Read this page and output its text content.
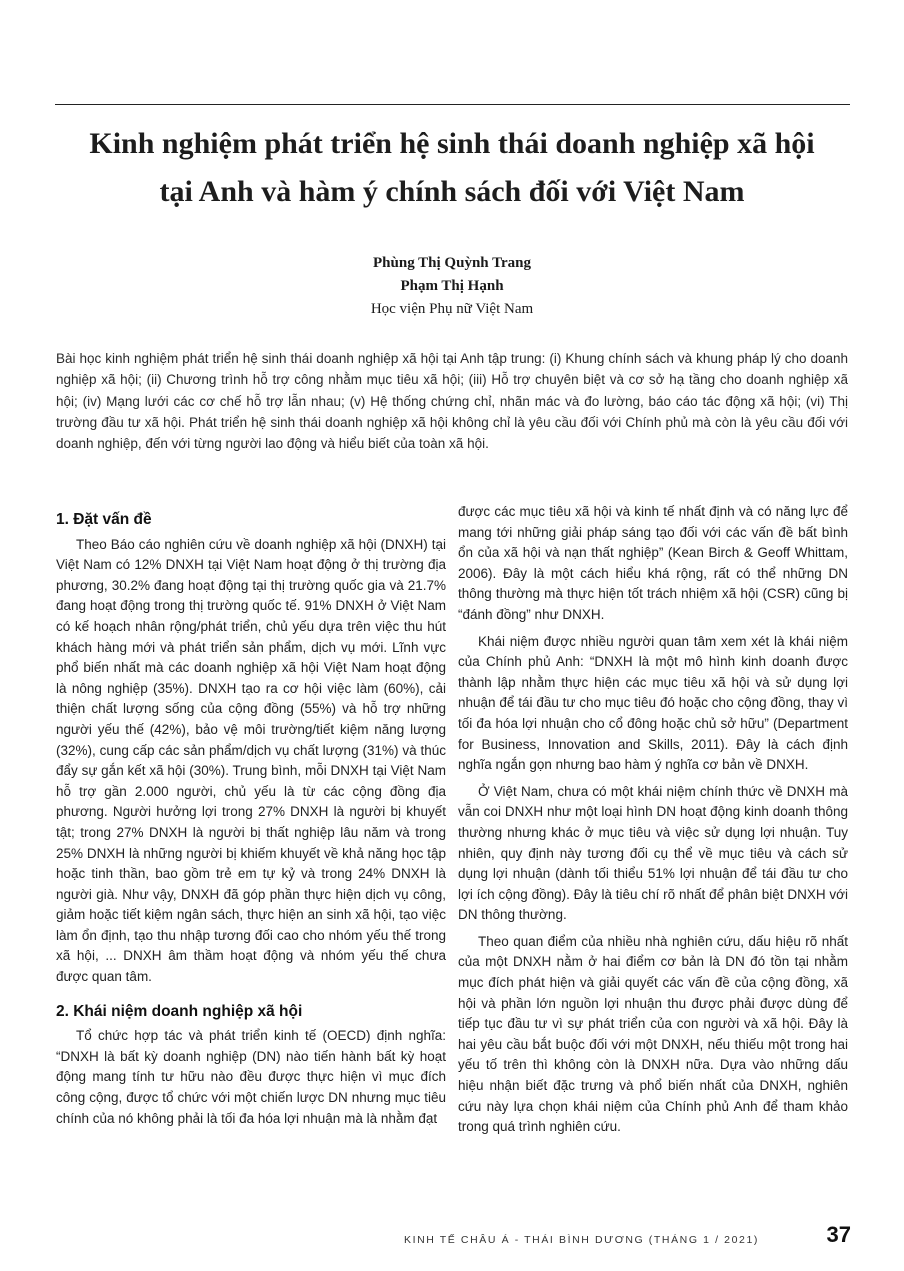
Kinh nghiệm phát triển hệ sinh thái doanh nghiệp xã hội
tại Anh và hàm ý chính sách đối với Việt Nam
Phùng Thị Quỳnh Trang
Phạm Thị Hạnh
Học viện Phụ nữ Việt Nam
Bài học kinh nghiệm phát triển hệ sinh thái doanh nghiệp xã hội tại Anh tập trung: (i) Khung chính sách và khung pháp lý cho doanh nghiệp xã hội; (ii) Chương trình hỗ trợ công nhằm mục tiêu xã hội; (iii) Hỗ trợ chuyên biệt và cơ sở hạ tầng cho doanh nghiệp xã hội; (iv) Mạng lưới các cơ chế hỗ trợ lẫn nhau; (v) Hệ thống chứng chỉ, nhãn mác và đo lường, báo cáo tác động xã hội; (vi) Thị trường đầu tư xã hội. Phát triển hệ sinh thái doanh nghiệp xã hội không chỉ là yêu cầu đối với Chính phủ mà còn là yêu cầu đối với doanh nghiệp, đến với từng người lao động và hiểu biết của toàn xã hội.
1. Đặt vấn đề

Theo Báo cáo nghiên cứu về doanh nghiệp xã hội (DNXH) tại Việt Nam có 12% DNXH tại Việt Nam hoạt động ở thị trường địa phương, 30.2% đang hoạt động tại thị trường quốc gia và 21.7% đang hoạt động trong thị trường quốc tế. 91% DNXH ở Việt Nam có kế hoạch nhân rộng/phát triển, chủ yếu dựa trên việc thu hút khách hàng mới và phát triển sản phẩm, dịch vụ mới. Lĩnh vực phổ biến nhất mà các doanh nghiệp xã hội Việt Nam hoạt động là nông nghiệp (35%). DNXH tạo ra cơ hội việc làm (60%), cải thiện chất lượng sống của cộng đồng (55%) và hỗ trợ những người yếu thế (42%), bảo vệ môi trường/tiết kiệm năng lượng (32%), cung cấp các sản phẩm/dịch vụ chất lượng (31%) và thúc đẩy sự gắn kết xã hội (30%). Trung bình, mỗi DNXH tại Việt Nam hỗ trợ gần 2.000 người, chủ yếu là từ các cộng đồng địa phương. Người hưởng lợi trong 27% DNXH là người bị khuyết tật; trong 27% DNXH là người bị thất nghiệp lâu năm và trong 25% DNXH là những người bị khiếm khuyết về khả năng học tập hoặc tinh thần, bao gồm trẻ em tự kỷ và trong 24% DNXH là người già. Như vậy, DNXH đã góp phần thực hiện dịch vụ công, giảm hoặc tiết kiệm ngân sách, thực hiện an sinh xã hội, tạo việc làm ổn định, tạo thu nhập tương đối cao cho nhóm yếu thế trong xã hội, ... DNXH âm thầm hoạt động và nhóm yếu thế chưa được quan tâm.

2. Khái niệm doanh nghiệp xã hội

Tổ chức hợp tác và phát triển kinh tế (OECD) định nghĩa: “DNXH là bất kỳ doanh nghiệp (DN) nào tiến hành bất kỳ hoạt động mang tính tư hữu nào đều được thực hiện vì mục đích công cộng, được tổ chức với một chiến lược DN nhưng mục tiêu chính của nó không phải là tối đa hóa lợi nhuận mà là nhằm đạt

được các mục tiêu xã hội và kinh tế nhất định và có năng lực để mang tới những giải pháp sáng tạo đối với các vấn đề bất bình ổn của xã hội và nạn thất nghiệp” (Kean Birch & Geoff Whittam, 2006). Đây là một cách hiểu khá rộng, rất có thể những DN thông thường mà thực hiện tốt trách nhiệm xã hội (CSR) cũng bị “đánh đồng” như DNXH.

Khái niệm được nhiều người quan tâm xem xét là khái niệm của Chính phủ Anh: “DNXH là một mô hình kinh doanh được thành lập nhằm thực hiện các mục tiêu xã hội và sử dụng lợi nhuận để tái đầu tư cho mục tiêu đó hoặc cho cộng đồng, thay vì tối đa hóa lợi nhuận cho cổ đông hoặc chủ sở hữu” (Department for Business, Innovation and Skills, 2011). Đây là cách định nghĩa ngắn gọn nhưng bao hàm ý nghĩa cơ bản về DNXH.

Ở Việt Nam, chưa có một khái niệm chính thức về DNXH mà vẫn coi DNXH như một loại hình DN hoạt động kinh doanh thông thường nhưng khác ở mục tiêu và việc sử dụng lợi nhuận. Tuy nhiên, quy định này tương đối cụ thể về mục tiêu và cách sử dụng lợi nhuận (dành tối thiểu 51% lợi nhuận để tái đầu tư cho lợi ích cộng đồng). Đây là tiêu chí rõ nhất để phân biệt DNXH với DN thông thường.

Theo quan điểm của nhiều nhà nghiên cứu, dấu hiệu rõ nhất của một DNXH nằm ở hai điểm cơ bản là DN đó tồn tại nhằm mục đích phát hiện và giải quyết các vấn đề của cộng đồng, xã hội và phần lớn nguồn lợi nhuận thu được phải được dùng để tiếp tục đầu tư vì sự phát triển của con người và xã hội. Đây là hai yêu cầu bắt buộc đối với một DNXH, nếu thiếu một trong hai yếu tố trên thì không còn là DNXH nữa. Dựa vào những dấu hiệu nhận biết đặc trưng và phổ biến nhất của DNXH, nghiên cứu này lựa chọn khái niệm của Chính phủ Anh để tham khảo trong quá trình nghiên cứu.

KINH TẾ CHÂU Á - THÁI BÌNH DƯƠNG (THÁNG 1 / 2021)	37
